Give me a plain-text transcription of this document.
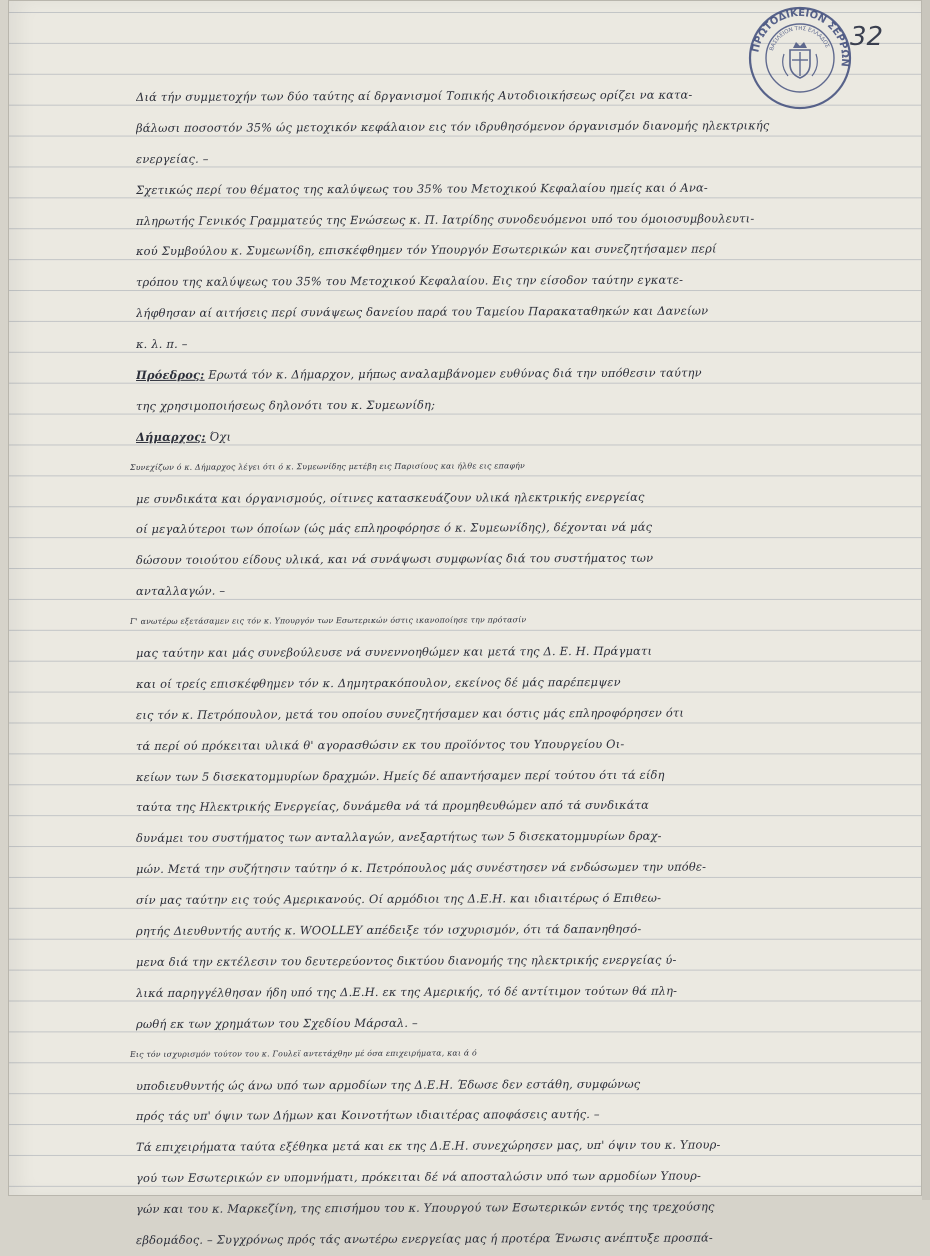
ΠΡΩΤΟΔΙΚΕΙΟΝ ΣΕΡΡΩΝ
ΒΑΣΙΛΕΙΟΝ ΤΗΣ ΕΛΛΑΔΟΣ 32
Διά τήν συμμετοχήν των δύο ταύτης αί δργανισμοί Τοπικής Αυτοδιοικήσεως ορίζει να κατα-
βάλωσι ποσοστόν 35% ώς μετοχικόν κεφάλαιον εις τόν ιδρυθησόμενον όργανισμόν διανομής ηλεκτρικής
ενεργείας. –
Σχετικώς περί του θέματος της καλύψεως του 35% του Μετοχικού Κεφαλαίου ημείς και ό Ανα-
πληρωτής Γενικός Γραμματεύς της Ενώσεως κ. Π. Ιατρίδης συνοδευόμενοι υπό του όμοιοσυμβουλευτι-
κού Συμβούλου κ. Συμεωνίδη, επισκέφθημεν τόν Υπουργόν Εσωτερικών και συνεζητήσαμεν περί
τρόπου της καλύψεως του 35% του Μετοχικού Κεφαλαίου. Εις την είσοδον ταύτην εγκατε-
λήφθησαν αί αιτήσεις περί συνάψεως δανείου παρά του Ταμείου Παρακαταθηκών και Δανείων
κ. λ. π. –
Πρόεδρος: Ερωτά τόν κ. Δήμαρχον, μήπως αναλαμβάνομεν ευθύνας διά την υπόθεσιν ταύτην
της χρησιμοποιήσεως δηλονότι του κ. Συμεωνίδη;
Δήμαρχος: Όχι
Συνεχίζων ό κ. Δήμαρχος λέγει ότι ό κ. Συμεωνίδης μετέβη εις Παρισίους και ήλθε εις επαφήν
με συνδικάτα και όργανισμούς, οίτινες κατασκευάζουν υλικά ηλεκτρικής ενεργείας
οί μεγαλύτεροι των όποίων (ώς μάς επληροφόρησε ό κ. Συμεωνίδης), δέχονται νά μάς
δώσουν τοιούτου είδους υλικά, και νά συνάψωσι συμφωνίας διά του συστήματος των
ανταλλαγών. –
Γ' ανωτέρω εξετάσαμεν εις τόν κ. Υπουργόν των Εσωτερικών όστις ικανοποίησε την πρότασίν
μας ταύτην και μάς συνεβούλευσε νά συνεννοηθώμεν και μετά της Δ. Ε. Η. Πράγματι
και οί τρείς επισκέφθημεν τόν κ. Δημητρακόπουλον, εκείνος δέ μάς παρέπεμψεν
εις τόν κ. Πετρόπουλον, μετά του οποίου συνεζητήσαμεν και όστις μάς επληροφόρησεν ότι
τά περί ού πρόκειται υλικά θ' αγορασθώσιν εκ του προϊόντος του Υπουργείου Οι-
κείων των 5 δισεκατομμυρίων δραχμών. Ημείς δέ απαντήσαμεν περί τούτου ότι τά είδη
ταύτα της Ηλεκτρικής Ενεργείας, δυνάμεθα νά τά προμηθευθώμεν από τά συνδικάτα
δυνάμει του συστήματος των ανταλλαγών, ανεξαρτήτως των 5 δισεκατομμυρίων δραχ-
μών. Μετά την συζήτησιν ταύτην ό κ. Πετρόπουλος μάς συνέστησεν νά ενδώσωμεν την υπόθε-
σίν μας ταύτην εις τούς Αμερικανούς. Οί αρμόδιοι της Δ.Ε.Η. και ιδιαιτέρως ό Επιθεω-
ρητής Διευθυντής αυτής κ. WOOLLEY απέδειξε τόν ισχυρισμόν, ότι τά δαπανηθησό-
μενα διά την εκτέλεσιν του δευτερεύοντος δικτύου διανομής της ηλεκτρικής ενεργείας ύ-
λικά παρηγγέλθησαν ήδη υπό της Δ.Ε.Η. εκ της Αμερικής, τό δέ αντίτιμον τούτων θά πλη-
ρωθή εκ των χρημάτων του Σχεδίου Μάρσαλ. –
Εις τόν ισχυρισμόν τούτον του κ. Γουλεϊ αντετάχθην μέ όσα επιχειρήματα, και ά ό
υποδιευθυντής ώς άνω υπό των αρμοδίων της Δ.Ε.Η. Έδωσε δεν εστάθη, συμφώνως
πρός τάς υπ' όψιν των Δήμων και Κοινοτήτων ιδιαιτέρας αποφάσεις αυτής. –
Τά επιχειρήματα ταύτα εξέθηκα μετά και εκ της Δ.Ε.Η. συνεχώρησεν μας, υπ' όψιν του κ. Υπουρ-
γού των Εσωτερικών εν υπομνήματι, πρόκειται δέ νά αποσταλώσιν υπό των αρμοδίων Υπουρ-
γών και του κ. Μαρκεζίνη, της επισήμου του κ. Υπουργού των Εσωτερικών εντός της τρεχούσης
εβδομάδος. – Συγχρόνως πρός τάς ανωτέρω ενεργείας μας ή προτέρα Ένωσις ανέπτυξε προσπά-
